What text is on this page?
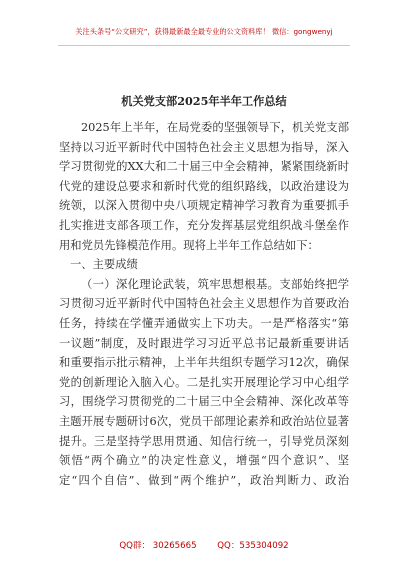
关注头条号“公文研究”，获得最新最全最专业的公文资料库！ 微信：gongwenyj
机关党支部2025年半年工作总结
2025年上半年，在局党委的坚强领导下，机关党支部
坚持以习近平新时代中国特色社会主义思想为指导，深入
学习贯彻党的XX大和二十届三中全会精神，紧紧围绕新时
代党的建设总要求和新时代党的组织路线，以政治建设为
统领，以深入贯彻中央八项规定精神学习教育为重要抓手
扎实推进支部各项工作，充分发挥基层党组织战斗堡垒作
用和党员先锋模范作用。现将上半年工作总结如下：
一、主要成绩
（一）深化理论武装，筑牢思想根基。支部始终把学
习贯彻习近平新时代中国特色社会主义思想作为首要政治
任务，持续在学懂弄通做实上下功夫。一是严格落实“第
一议题”制度，及时跟进学习习近平总书记最新重要讲话
和重要指示批示精神，上半年共组织专题学习12次，确保
党的创新理论入脑入心。二是扎实开展理论学习中心组学
习，围绕学习贯彻党的二十届三中全会精神、深化改革等
主题开展专题研讨6次，党员干部理论素养和政治站位显著
提升。三是坚持学思用贯通、知信行统一，引导党员深刻
领悟“两个确立”的决定性意义，增强“四个意识”、坚
定“四个自信”、做到“两个维护”，政治判断力、政治
QQ群： 30265665 QQ：535304092
